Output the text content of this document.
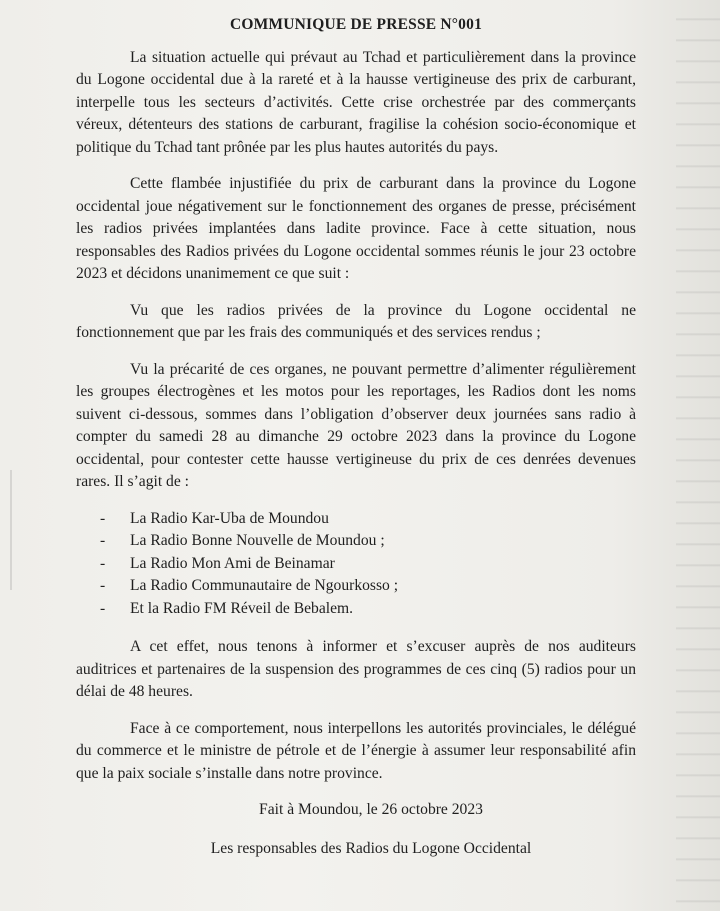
COMMUNIQUE DE PRESSE N°001

La situation actuelle qui prévaut au Tchad et particulièrement dans la province du Logone occidental due à la rareté et à la hausse vertigineuse des prix de carburant, interpelle tous les secteurs d’activités. Cette crise orchestrée par des commerçants véreux, détenteurs des stations de carburant, fragilise la cohésion socio-économique et politique du Tchad tant prônée par les plus hautes autorités du pays.

Cette flambée injustifiée du prix de carburant dans la province du Logone occidental joue négativement sur le fonctionnement des organes de presse, précisément les radios privées implantées dans ladite province. Face à cette situation, nous responsables des Radios privées du Logone occidental sommes réunis le jour 23 octobre 2023 et décidons unanimement ce que suit :

Vu que les radios privées de la province du Logone occidental ne fonctionnement que par les frais des communiqués et des services rendus ;

Vu la précarité de ces organes, ne pouvant permettre d’alimenter régulièrement les groupes électrogènes et les motos pour les reportages, les Radios dont les noms suivent ci-dessous, sommes dans l’obligation d’observer deux journées sans radio à compter du samedi 28 au dimanche 29 octobre 2023 dans la province du Logone occidental, pour contester cette hausse vertigineuse du prix de ces denrées devenues rares. Il s’agit de :

- La Radio Kar-Uba de Moundou
- La Radio Bonne Nouvelle de Moundou ;
- La Radio Mon Ami de Beinamar
- La Radio Communautaire de Ngourkosso ;
- Et la Radio FM Réveil de Bebalem.

A cet effet, nous tenons à informer et s’excuser auprès de nos auditeurs auditrices et partenaires de la suspension des programmes de ces cinq (5) radios pour un délai de 48 heures.

Face à ce comportement, nous interpellons les autorités provinciales, le délégué du commerce et le ministre de pétrole et de l’énergie à assumer leur responsabilité afin que la paix sociale s’installe dans notre province.

Fait à Moundou, le 26 octobre 2023
Les responsables des Radios du Logone Occidental
